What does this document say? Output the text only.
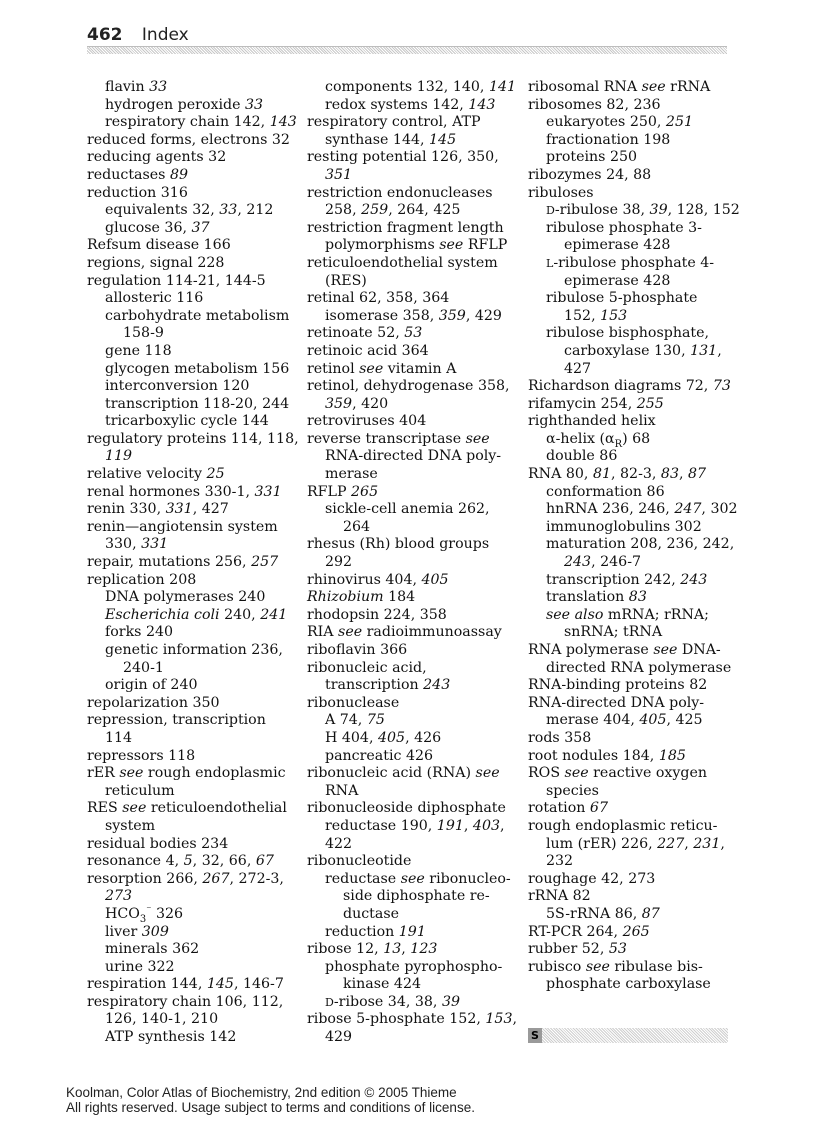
462 Index
flavin 33
hydrogen peroxide 33
respiratory chain 142, 143
reduced forms, electrons 32
reducing agents 32
reductases 89
reduction 316
equivalents 32, 33, 212
glucose 36, 37
Refsum disease 166
regions, signal 228
regulation 114-21, 144-5
allosteric 116
carbohydrate metabolism
158-9
gene 118
glycogen metabolism 156
interconversion 120
transcription 118-20, 244
tricarboxylic cycle 144
regulatory proteins 114, 118,
119
relative velocity 25
renal hormones 330-1, 331
renin 330, 331, 427
renin—angiotensin system
330, 331
repair, mutations 256, 257
replication 208
DNA polymerases 240
Escherichia coli 240, 241
forks 240
genetic information 236,
240-1
origin of 240
repolarization 350
repression, transcription
114
repressors 118
rER see rough endoplasmic
reticulum
RES see reticuloendothelial
system
residual bodies 234
resonance 4, 5, 32, 66, 67
resorption 266, 267, 272-3,
273
$HCO_3^{^-}$ 326
liver 309
minerals 362
urine 322
respiration 144, 145, 146-7
respiratory chain 106, 112,
126, 140-1, 210
ATP synthesis 142
components 132, 140, 141
redox systems 142, 143
respiratory control, ATP
synthase 144, 145
resting potential 126, 350,
351
restriction endonucleases
258, 259, 264, 425
restriction fragment length
polymorphisms see RFLP
reticuloendothelial system
(RES)
retinal 62, 358, 364
isomerase 358, 359, 429
retinoate 52, 53
retinoic acid 364
retinol see vitamin A
retinol, dehydrogenase 358,
359, 420
retroviruses 404
reverse transcriptase see
RNA-directed DNA poly-
merase
RFLP 265
sickle-cell anemia 262,
264
rhesus (Rh) blood groups
292
rhinovirus 404, 405
Rhizobium 184
rhodopsin 224, 358
RIA see radioimmunoassay
riboflavin 366
ribonucleic acid,
transcription 243
ribonuclease
A 74, 75
H 404, 405, 426
pancreatic 426
ribonucleic acid (RNA) see
RNA
ribonucleoside diphosphate
reductase 190, 191, 403,
422
ribonucleotide
reductase see ribonucleo-
side diphosphate re-
ductase
reduction 191
ribose 12, 13, 123
phosphate pyrophospho-
kinase 424
D-ribose 34, 38, 39
ribose 5-phosphate 152, 153,
429
ribosomal RNA see rRNA
ribosomes 82, 236
eukaryotes 250, 251
fractionation 198
proteins 250
ribozymes 24, 88
ribuloses
D-ribulose 38, 39, 128, 152
ribulose phosphate 3-
epimerase 428
L-ribulose phosphate 4-
epimerase 428
ribulose 5-phosphate
152, 153
ribulose bisphosphate,
carboxylase 130, 131,
427
Richardson diagrams 72, 73
rifamycin 254, 255
righthanded helix
α-helix $(\alpha_R)$ 68
double 86
RNA 80, 81, 82-3, 83, 87
conformation 86
hnRNA 236, 246, 247, 302
immunoglobulins 302
maturation 208, 236, 242,
243, 246-7
transcription 242, 243
translation 83
see also mRNA; rRNA;
snRNA; tRNA
RNA polymerase see DNA-
directed RNA polymerase
RNA-binding proteins 82
RNA-directed DNA poly-
merase 404, 405, 425
rods 358
root nodules 184, 185
ROS see reactive oxygen
species
rotation 67
rough endoplasmic reticu-
lum (rER) 226, 227, 231,
232
roughage 42, 273
rRNA 82
5S-rRNA 86, 87
RT-PCR 264, 265
rubber 52, 53
rubisco see ribulase bis-
phosphate carboxylase
S
Koolman, Color Atlas of Biochemistry, 2nd edition © 2005 Thieme
All rights reserved. Usage subject to terms and conditions of license.
